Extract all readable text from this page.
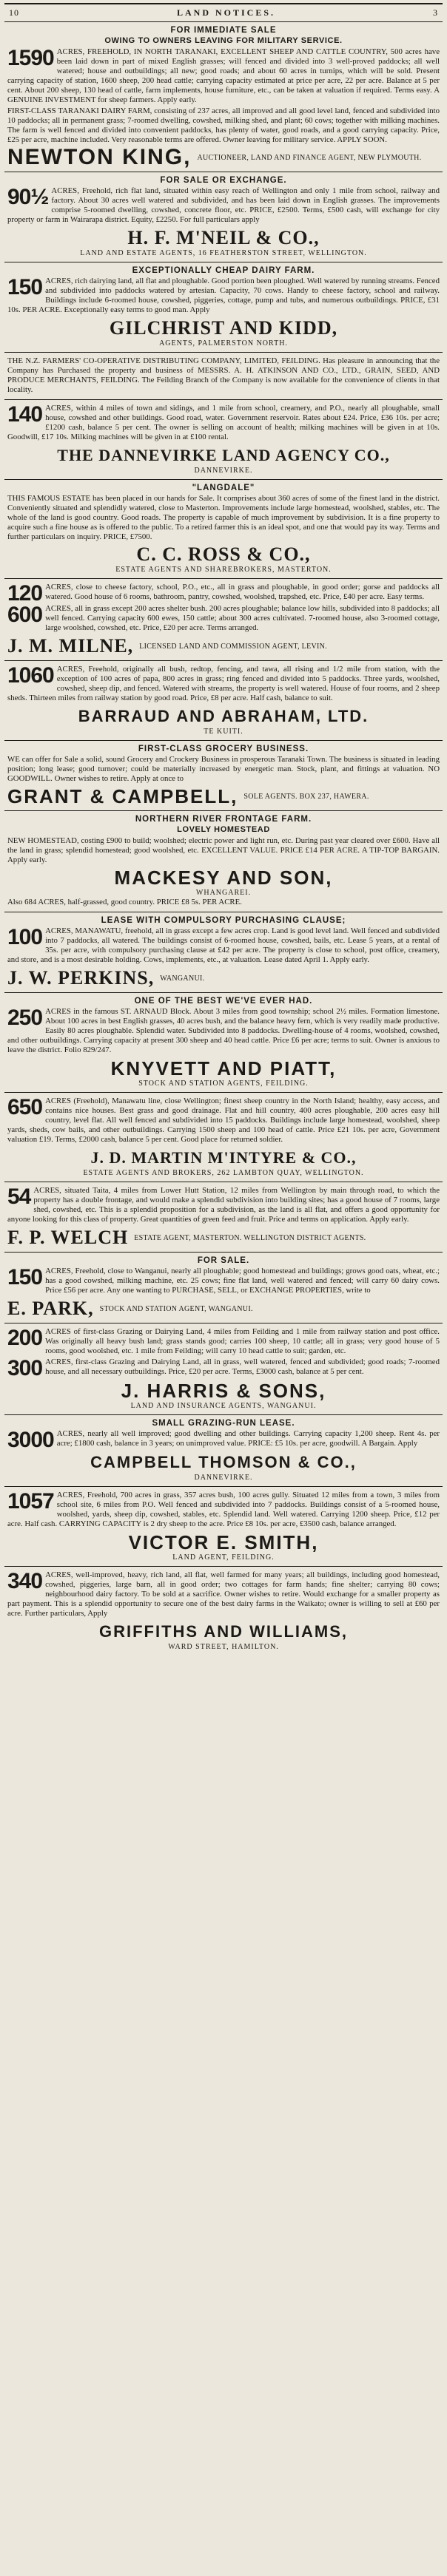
10	LAND NOTICES.	3
FOR IMMEDIATE SALE
OWING TO OWNERS LEAVING FOR MILITARY SERVICE.
1590 ACRES, FREEHOLD, IN NORTH TARANAKI, EXCELLENT SHEEP AND CATTLE COUNTRY, 500 acres have been laid down in part of mixed English grasses; will fenced and divided into 3 well-proved paddocks; all well watered; house and outbuildings; all new; good roads; and about 60 acres in turnips, which will be sold. Present carrying capacity of station, 1600 sheep, 200 head cattle; carrying capacity estimated at price per acre, 22 per acre. Balance at 5 per cent. About 200 sheep, 130 head of cattle, farm implements, house furniture, etc., can be taken at valuation if required. Terms easy. A GENUINE INVESTMENT for sheep farmers. Apply early.
FIRST-CLASS TARANAKI DAIRY FARM, consisting of 237 acres, all improved and all good level land, fenced and subdivided into 10 paddocks; all in permanent grass; 7-roomed dwelling, cowshed, milking shed, and plant; 60 cows; together with milking machines. The farm is well fenced and divided into convenient paddocks, has plenty of water, good roads, and a good carrying capacity. Price, £25 per acre, machine included. Very reasonable terms are offered. Owner leaving for military service. APPLY SOON.
NEWTON KING, AUCTIONEER, LAND AND FINANCE AGENT, NEW PLYMOUTH.
FOR SALE OR EXCHANGE.
90½ ACRES, Freehold, rich flat land, situated within easy reach of Wellington and only 1 mile from school, railway and factory. About 30 acres well watered and subdivided, and has been laid down in English grasses. The improvements comprise 5-roomed dwelling, cowshed, concrete floor, etc. PRICE, £2500. Terms, £500 cash, will exchange for city property or farm in Wairarapa district. Equity, £2250. For full particulars apply
H. F. M'NEIL & CO.,
LAND AND ESTATE AGENTS, 16 FEATHERSTON STREET, WELLINGTON.
EXCEPTIONALLY CHEAP DAIRY FARM.
150 ACRES, rich dairying land, all flat and ploughable. Good portion been ploughed. Well watered by running streams. Fenced and subdivided into paddocks watered by artesian. Capacity, 70 cows. Handy to cheese factory, school and railway. Buildings include 6-roomed house, cowshed, piggeries, cottage, pump and tubs, and numerous outbuildings. PRICE, £31 10s. PER ACRE. Exceptionally easy terms to good man. Apply
GILCHRIST AND KIDD,
AGENTS, PALMERSTON NORTH.
THE N.Z. FARMERS' CO-OPERATIVE DISTRIBUTING COMPANY, LIMITED, FEILDING. Has pleasure in announcing that the Company has Purchased the property and business of MESSRS. A. H. ATKINSON AND CO., LTD., GRAIN, SEED, AND PRODUCE MERCHANTS, FEILDING. The Feilding Branch of the Company is now available for the convenience of clients in that locality.
140 ACRES, within 4 miles of town and sidings, and 1 mile from school, creamery, and P.O., nearly all ploughable, small house, cowshed and other buildings. Good road, water. Government reservoir. Rates about £24. Price, £36 10s. per acre; £1200 cash, balance 5 per cent. The owner is selling on account of health; milking machines will be given in at 10s. Goodwill, £17 10s. Milking machines will be given in at £100 rental.
THE DANNEVIRKE LAND AGENCY CO.,
DANNEVIRKE.
"LANGDALE"
THIS FAMOUS ESTATE has been placed in our hands for Sale. It comprises about 360 acres of some of the finest land in the district. Conveniently situated and splendidly watered, close to Masterton. Improvements include large homestead, woolshed, stables, etc. The whole of the land is good country. Good roads. The property is capable of much improvement by subdivision. It is a fine property to acquire such a fine house as is offered to the public. To a retired farmer this is an ideal spot, and one that would pay its way. Terms and further particulars on inquiry. PRICE, £7500.
C. C. ROSS & CO.,
ESTATE AGENTS AND SHAREBROKERS, MASTERTON.
120 ACRES, close to cheese factory, school, P.O., etc., all in grass and ploughable, in good order; gorse and paddocks all watered. Good house of 6 rooms, bathroom, pantry, cowshed, woolshed, trapshed, etc. Price, £40 per acre. Easy terms.
600 ACRES, all in grass except 200 acres shelter bush. 200 acres ploughable; balance low hills, subdivided into 8 paddocks; all well fenced. Carrying capacity 600 ewes, 150 cattle; about 300 acres cultivated. 7-roomed house, also 3-roomed cottage, large woolshed, cowshed, etc. Price, £20 per acre. Terms arranged.
J. M. MILNE, LICENSED LAND AND COMMISSION AGENT, LEVIN.
1060 ACRES, Freehold, originally all bush, redtop, fencing, and tawa, all rising and 1/2 mile from station, with the exception of 100 acres of papa, 800 acres in grass; ring fenced and divided into 5 paddocks. Three yards, woolshed, cowshed, sheep dip, and fenced. Watered with streams, the property is well watered. House of four rooms, and 2 sheep sheds. Thirteen miles from railway station by good road. Price, £8 per acre. Half cash, balance to suit.
BARRAUD AND ABRAHAM, LTD.
TE KUITI.
FIRST-CLASS GROCERY BUSINESS.
WE can offer for Sale a solid, sound Grocery and Crockery Business in prosperous Taranaki Town. The business is situated in leading position; long lease; good turnover; could be materially increased by energetic man. Stock, plant, and fittings at valuation. NO GOODWILL. Owner wishes to retire. Apply at once to
GRANT & CAMPBELL, SOLE AGENTS. BOX 237, HAWERA.
NORTHERN RIVER FRONTAGE FARM.
LOVELY HOMESTEAD
NEW HOMESTEAD, costing £900 to build; woolshed; electric power and light run, etc. During past year cleared over £600. Have all the land in grass; splendid homestead; good woolshed, etc. EXCELLENT VALUE. PRICE £14 PER ACRE. A TIP-TOP BARGAIN. Apply early.
MACKESY AND SON,
WHANGAREI.
Also 684 ACRES, half-grassed, good country. PRICE £8 5s. PER ACRE.
LEASE WITH COMPULSORY PURCHASING CLAUSE;
100 ACRES, MANAWATU, freehold, all in grass except a few acres crop. Land is good level land. Well fenced and subdivided into 7 paddocks, all watered. The buildings consist of 6-roomed house, cowshed, bails, etc. Lease 5 years, at a rental of 35s. per acre, with compulsory purchasing clause at £42 per acre. The property is close to school, post office, creamery, and store, and is a most desirable holding. Cows, implements, etc., at valuation. Lease dated April 1. Apply early.
J. W. PERKINS, WANGANUI.
ONE OF THE BEST WE'VE EVER HAD.
250 ACRES in the famous ST. ARNAUD Block. About 3 miles from good township; school 2½ miles. Formation limestone. About 100 acres in best English grasses, 40 acres bush, and the balance heavy fern, which is very readily made productive. Easily 80 acres ploughable. Splendid water. Subdivided into 8 paddocks. Dwelling-house of 4 rooms, woolshed, cowshed, and other outbuildings. Carrying capacity at present 300 sheep and 40 head cattle. Price £6 per acre; terms to suit. Owner is anxious to leave the district. Folio 829/247.
KNYVETT AND PIATT,
STOCK AND STATION AGENTS, FEILDING.
650 ACRES (Freehold), Manawatu line, close Wellington; finest sheep country in the North Island; healthy, easy access, and contains nice houses. Best grass and good drainage. Flat and hill country, 400 acres ploughable, 200 acres easy hill country, level flat. All well fenced and subdivided into 15 paddocks. Buildings include large homestead, woolshed, sheep yards, sheds, cow bails, and other outbuildings. Carrying 1500 sheep and 100 head of cattle. Price £21 10s. per acre, Government valuation £19. Terms, £2000 cash, balance 5 per cent. Good place for returned soldier.
J. D. MARTIN M'INTYRE & CO.,
ESTATE AGENTS AND BROKERS, 262 LAMBTON QUAY, WELLINGTON.
54 ACRES, situated Taita, 4 miles from Lower Hutt Station, 12 miles from Wellington by main through road, to which the property has a double frontage, and would make a splendid subdivision into building sites; has a good house of 7 rooms, large shed, cowshed, etc. This is a splendid proposition for a subdivision, as the land is all flat, and offers a good opportunity for anyone looking for this class of property. Great quantities of green feed and fruit. Price and terms on application. Apply early.
F. P. WELCH ESTATE AGENT, MASTERTON. WELLINGTON DISTRICT AGENTS.
FOR SALE.
150 ACRES, Freehold, close to Wanganui, nearly all ploughable; good homestead and buildings; grows good oats, wheat, etc.; has a good cowshed, milking machine, etc. 25 cows; fine flat land, well watered and fenced; will carry 60 dairy cows. Price £56 per acre. Any one wanting to PURCHASE, SELL, or EXCHANGE PROPERTIES, write to
E. PARK, STOCK AND STATION AGENT, WANGANUI.
200 ACRES of first-class Grazing or Dairying Land, 4 miles from Feilding and 1 mile from railway station and post office. Was originally all heavy bush land; grass stands good; carries 100 sheep, 10 cattle; all in grass; very good house of 5 rooms, good woolshed, etc. 1 mile from Feilding; will carry 10 head cattle to suit; garden, etc.
300 ACRES, first-class Grazing and Dairying Land, all in grass, well watered, fenced and subdivided; good roads; 7-roomed house, and all necessary outbuildings. Price, £20 per acre. Terms, £3000 cash, balance at 5 per cent.
J. HARRIS & SONS,
LAND AND INSURANCE AGENTS, WANGANUI.
SMALL GRAZING-RUN LEASE.
3000 ACRES, nearly all well improved; good dwelling and other buildings. Carrying capacity 1,200 sheep. Rent 4s. per acre; £1800 cash, balance in 3 years; on unimproved value. PRICE: £5 10s. per acre, goodwill. A Bargain. Apply
CAMPBELL THOMSON & CO.,
DANNEVIRKE.
1057 ACRES, Freehold, 700 acres in grass, 357 acres bush, 100 acres gully. Situated 12 miles from a town, 3 miles from school site, 6 miles from P.O. Well fenced and subdivided into 7 paddocks. Buildings consist of a 5-roomed house, woolshed, yards, sheep dip, cowshed, stables, etc. Splendid land. Well watered. Carrying 1200 sheep. Price, £12 per acre. Half cash. CARRYING CAPACITY is 2 dry sheep to the acre. Price £8 10s. per acre, £3500 cash, balance arranged.
VICTOR E. SMITH,
LAND AGENT, FEILDING.
340 ACRES, well-improved, heavy, rich land, all flat, well farmed for many years; all buildings, including good homestead, cowshed, piggeries, large barn, all in good order; two cottages for farm hands; fine shelter; carrying 80 cows; neighbourhood dairy factory. To be sold at a sacrifice. Owner wishes to retire. Would exchange for a smaller property as part payment. This is a splendid opportunity to secure one of the best dairy farms in the Waikato; owner is willing to sell at £60 per acre. Further particulars, Apply
GRIFFITHS AND WILLIAMS,
WARD STREET, HAMILTON.
